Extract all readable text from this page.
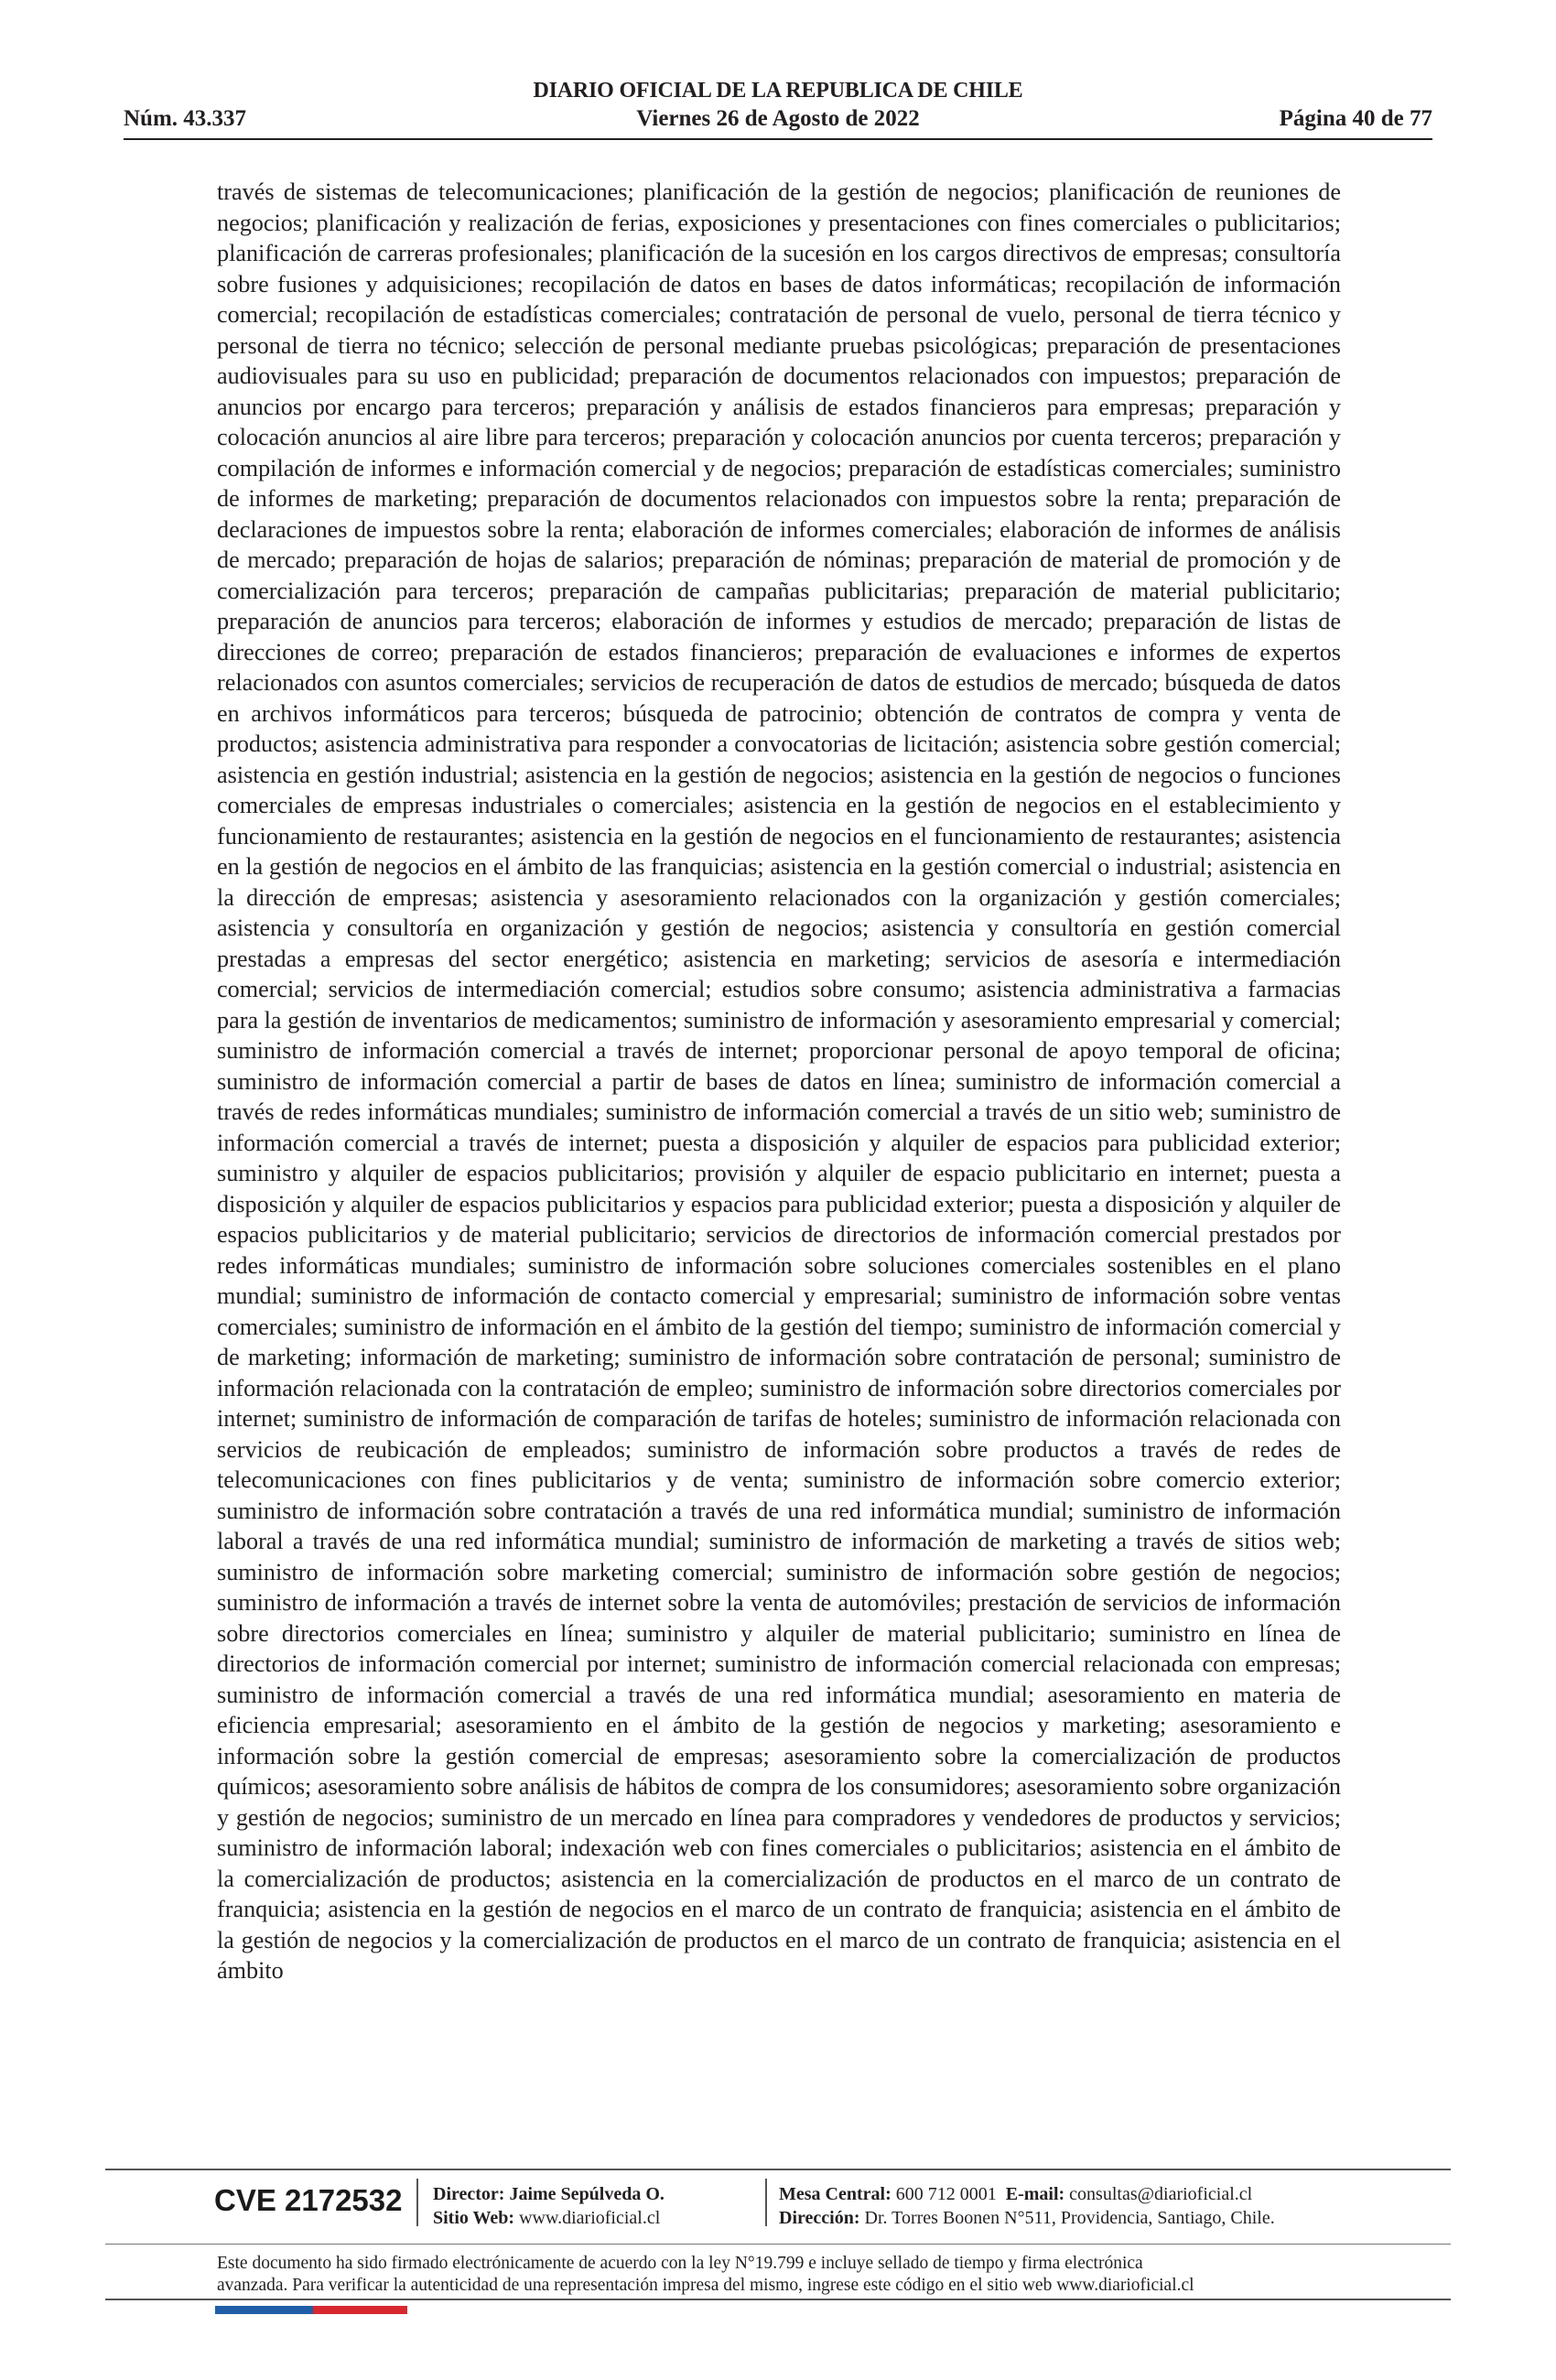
DIARIO OFICIAL DE LA REPUBLICA DE CHILE
Núm. 43.337	Viernes 26 de Agosto de 2022	Página 40 de 77

través de sistemas de telecomunicaciones; planificación de la gestión de negocios; planificación de reuniones de negocios; planificación y realización de ferias, exposiciones y presentaciones con fines comerciales o publicitarios; planificación de carreras profesionales; planificación de la sucesión en los cargos directivos de empresas; consultoría sobre fusiones y adquisiciones; recopilación de datos en bases de datos informáticas; recopilación de información comercial; recopilación de estadísticas comerciales; contratación de personal de vuelo, personal de tierra técnico y personal de tierra no técnico; selección de personal mediante pruebas psicológicas; preparación de presentaciones audiovisuales para su uso en publicidad; preparación de documentos relacionados con impuestos; preparación de anuncios por encargo para terceros; preparación y análisis de estados financieros para empresas; preparación y colocación anuncios al aire libre para terceros; preparación y colocación anuncios por cuenta terceros; preparación y compilación de informes e información comercial y de negocios; preparación de estadísticas comerciales; suministro de informes de marketing; preparación de documentos relacionados con impuestos sobre la renta; preparación de declaraciones de impuestos sobre la renta; elaboración de informes comerciales; elaboración de informes de análisis de mercado; preparación de hojas de salarios; preparación de nóminas; preparación de material de promoción y de comercialización para terceros; preparación de campañas publicitarias; preparación de material publicitario; preparación de anuncios para terceros; elaboración de informes y estudios de mercado; preparación de listas de direcciones de correo; preparación de estados financieros; preparación de evaluaciones e informes de expertos relacionados con asuntos comerciales; servicios de recuperación de datos de estudios de mercado; búsqueda de datos en archivos informáticos para terceros; búsqueda de patrocinio; obtención de contratos de compra y venta de productos; asistencia administrativa para responder a convocatorias de licitación; asistencia sobre gestión comercial; asistencia en gestión industrial; asistencia en la gestión de negocios; asistencia en la gestión de negocios o funciones comerciales de empresas industriales o comerciales; asistencia en la gestión de negocios en el establecimiento y funcionamiento de restaurantes; asistencia en la gestión de negocios en el funcionamiento de restaurantes; asistencia en la gestión de negocios en el ámbito de las franquicias; asistencia en la gestión comercial o industrial; asistencia en la dirección de empresas; asistencia y asesoramiento relacionados con la organización y gestión comerciales; asistencia y consultoría en organización y gestión de negocios; asistencia y consultoría en gestión comercial prestadas a empresas del sector energético; asistencia en marketing; servicios de asesoría e intermediación comercial; servicios de intermediación comercial; estudios sobre consumo; asistencia administrativa a farmacias para la gestión de inventarios de medicamentos; suministro de información y asesoramiento empresarial y comercial; suministro de información comercial a través de internet; proporcionar personal de apoyo temporal de oficina; suministro de información comercial a partir de bases de datos en línea; suministro de información comercial a través de redes informáticas mundiales; suministro de información comercial a través de un sitio web; suministro de información comercial a través de internet; puesta a disposición y alquiler de espacios para publicidad exterior; suministro y alquiler de espacios publicitarios; provisión y alquiler de espacio publicitario en internet; puesta a disposición y alquiler de espacios publicitarios y espacios para publicidad exterior; puesta a disposición y alquiler de espacios publicitarios y de material publicitario; servicios de directorios de información comercial prestados por redes informáticas mundiales; suministro de información sobre soluciones comerciales sostenibles en el plano mundial; suministro de información de contacto comercial y empresarial; suministro de información sobre ventas comerciales; suministro de información en el ámbito de la gestión del tiempo; suministro de información comercial y de marketing; información de marketing; suministro de información sobre contratación de personal; suministro de información relacionada con la contratación de empleo; suministro de información sobre directorios comerciales por internet; suministro de información de comparación de tarifas de hoteles; suministro de información relacionada con servicios de reubicación de empleados; suministro de información sobre productos a través de redes de telecomunicaciones con fines publicitarios y de venta; suministro de información sobre comercio exterior; suministro de información sobre contratación a través de una red informática mundial; suministro de información laboral a través de una red informática mundial; suministro de información de marketing a través de sitios web; suministro de información sobre marketing comercial; suministro de información sobre gestión de negocios; suministro de información a través de internet sobre la venta de automóviles; prestación de servicios de información sobre directorios comerciales en línea; suministro y alquiler de material publicitario; suministro en línea de directorios de información comercial por internet; suministro de información comercial relacionada con empresas; suministro de información comercial a través de una red informática mundial; asesoramiento en materia de eficiencia empresarial; asesoramiento en el ámbito de la gestión de negocios y marketing; asesoramiento e información sobre la gestión comercial de empresas; asesoramiento sobre la comercialización de productos químicos; asesoramiento sobre análisis de hábitos de compra de los consumidores; asesoramiento sobre organización y gestión de negocios; suministro de un mercado en línea para compradores y vendedores de productos y servicios; suministro de información laboral; indexación web con fines comerciales o publicitarios; asistencia en el ámbito de la comercialización de productos; asistencia en la comercialización de productos en el marco de un contrato de franquicia; asistencia en la gestión de negocios en el marco de un contrato de franquicia; asistencia en el ámbito de la gestión de negocios y la comercialización de productos en el marco de un contrato de franquicia; asistencia en el ámbito

CVE 2172532 Director: Jaime Sepúlveda O.
Sitio Web: www.diarioficial.cl
Mesa Central: 600 712 0001 E-mail: consultas@diarioficial.cl
Dirección: Dr. Torres Boonen N°511, Providencia, Santiago, Chile.
Este documento ha sido firmado electrónicamente de acuerdo con la ley N°19.799 e incluye sellado de tiempo y firma electrónica
avanzada. Para verificar la autenticidad de una representación impresa del mismo, ingrese este código en el sitio web www.diarioficial.cl
